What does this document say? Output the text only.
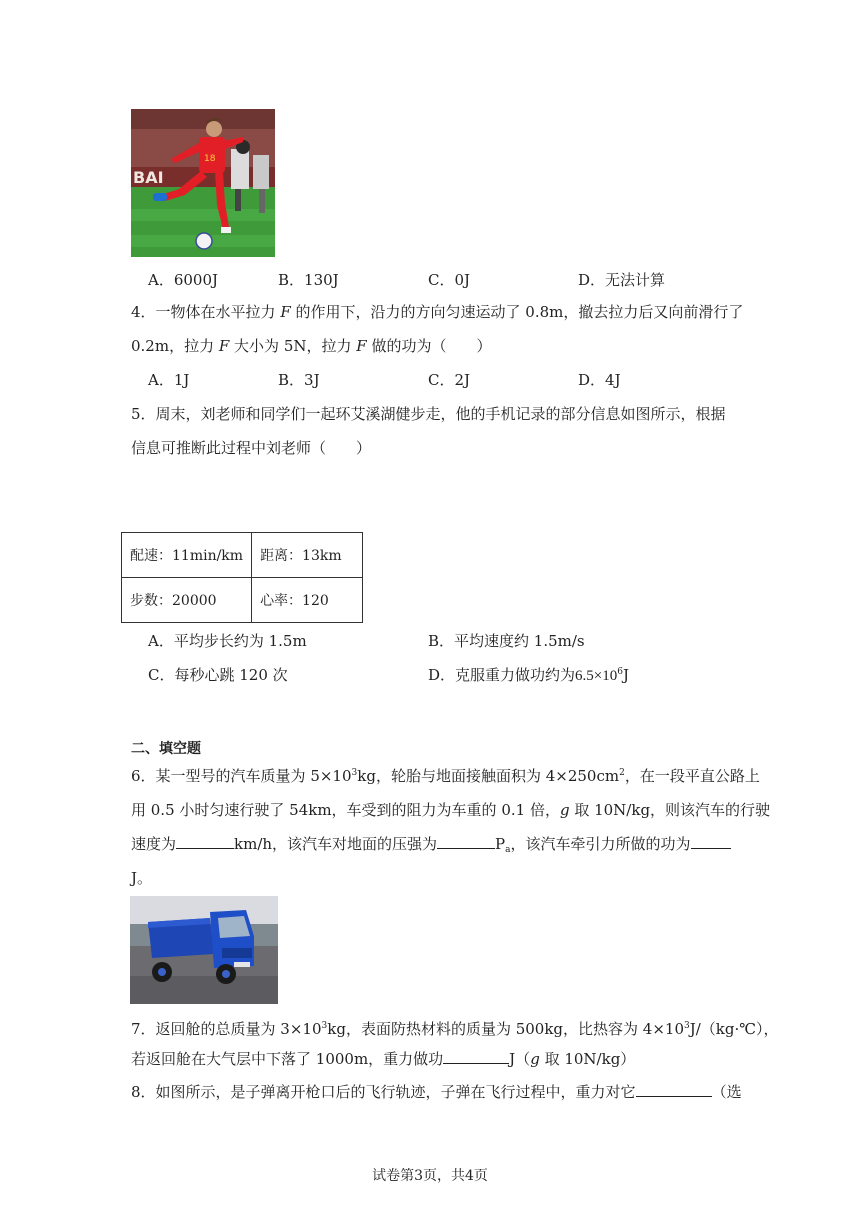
BAI
18
A．6000J	B．130J	C．0J	D．无法计算
4．一物体在水平拉力 F 的作用下，沿力的方向匀速运动了 0.8m，撤去拉力后又向前滑行了
0.2m，拉力 F 大小为 5N，拉力 F 做的功为（　　）
A．1J	B．3J	C．2J	D．4J
5．周末，刘老师和同学们一起环艾溪湖健步走，他的手机记录的部分信息如图所示，根据
信息可推断此过程中刘老师（　　）
配速：11min/km	距离：13km
步数：20000	心率：120
A．平均步长约为 1.5m	B．平均速度约 1.5m/s
C．每秒心跳 120 次	D．克服重力做功约为$6.5\times 10^6J$
二、填空题
6．某一型号的汽车质量为 $5\times 10^3kg$，轮胎与地面接触面积为 $4\times 250cm^2$，在一段平直公路上
用 0.5 小时匀速行驶了 54km，车受到的阻力为车重的 0.1 倍，g 取 10N/kg，则该汽车的行驶
速度为	km/h，该汽车对地面的压强为	$P_a$，该汽车牵引力所做的功为
J。
7．返回舱的总质量为 $3\times 10^3kg$，表面防热材料的质量为 500kg，比热容为 $4\times 10^3J/(kg\cdot℃)$，
若返回舱在大气层中下落了 1000m，重力做功	J（g 取 10N/kg）
8．如图所示，是子弹离开枪口后的飞行轨迹，子弹在飞行过程中，重力对它	（选
试卷第3页，共4页
